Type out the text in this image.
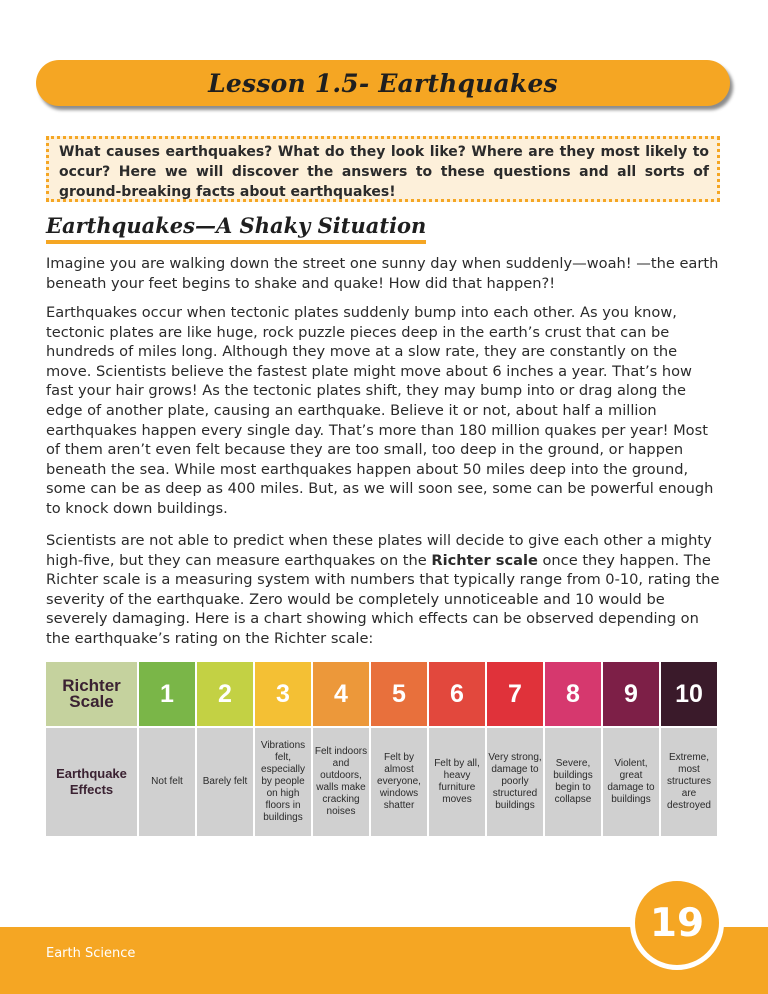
Lesson 1.5- Earthquakes
What causes earthquakes? What do they look like? Where are they most likely to occur? Here we will discover the answers to these questions and all sorts of ground-breaking facts about earthquakes!
Earthquakes—A Shaky Situation

Imagine you are walking down the street one sunny day when suddenly—woah! —the earth beneath your feet begins to shake and quake! How did that happen?!

Earthquakes occur when tectonic plates suddenly bump into each other. As you know, tectonic plates are like huge, rock puzzle pieces deep in the earth’s crust that can be hundreds of miles long. Although they move at a slow rate, they are constantly on the move. Scientists believe the fastest plate might move about 6 inches a year. That’s how fast your hair grows! As the tectonic plates shift, they may bump into or drag along the edge of another plate, causing an earthquake. Believe it or not, about half a million earthquakes happen every single day. That’s more than 180 million quakes per year! Most of them aren’t even felt because they are too small, too deep in the ground, or happen beneath the sea. While most earthquakes happen about 50 miles deep into the ground, some can be as deep as 400 miles. But, as we will soon see, some can be powerful enough to knock down buildings.

Scientists are not able to predict when these plates will decide to give each other a mighty high-five, but they can measure earthquakes on the Richter scale once they happen. The Richter scale is a measuring system with numbers that typically range from 0-10, rating the severity of the earthquake. Zero would be completely unnoticeable and 10 would be severely damaging. Here is a chart showing which effects can be observed depending on the earthquake’s rating on the Richter scale:

Richter Scale	1	2	3	4	5	6	7	8	9	10
Earthquake Effects	Not felt	Barely felt	Vibrations felt, especially by people on high floors in buildings	Felt indoors and outdoors, walls make cracking noises	Felt by almost everyone, windows shatter	Felt by all, heavy furniture moves	Very strong, damage to poorly structured buildings	Severe, buildings begin to collapse	Violent, great damage to buildings	Extreme, most structures are destroyed
Earth Science
19
